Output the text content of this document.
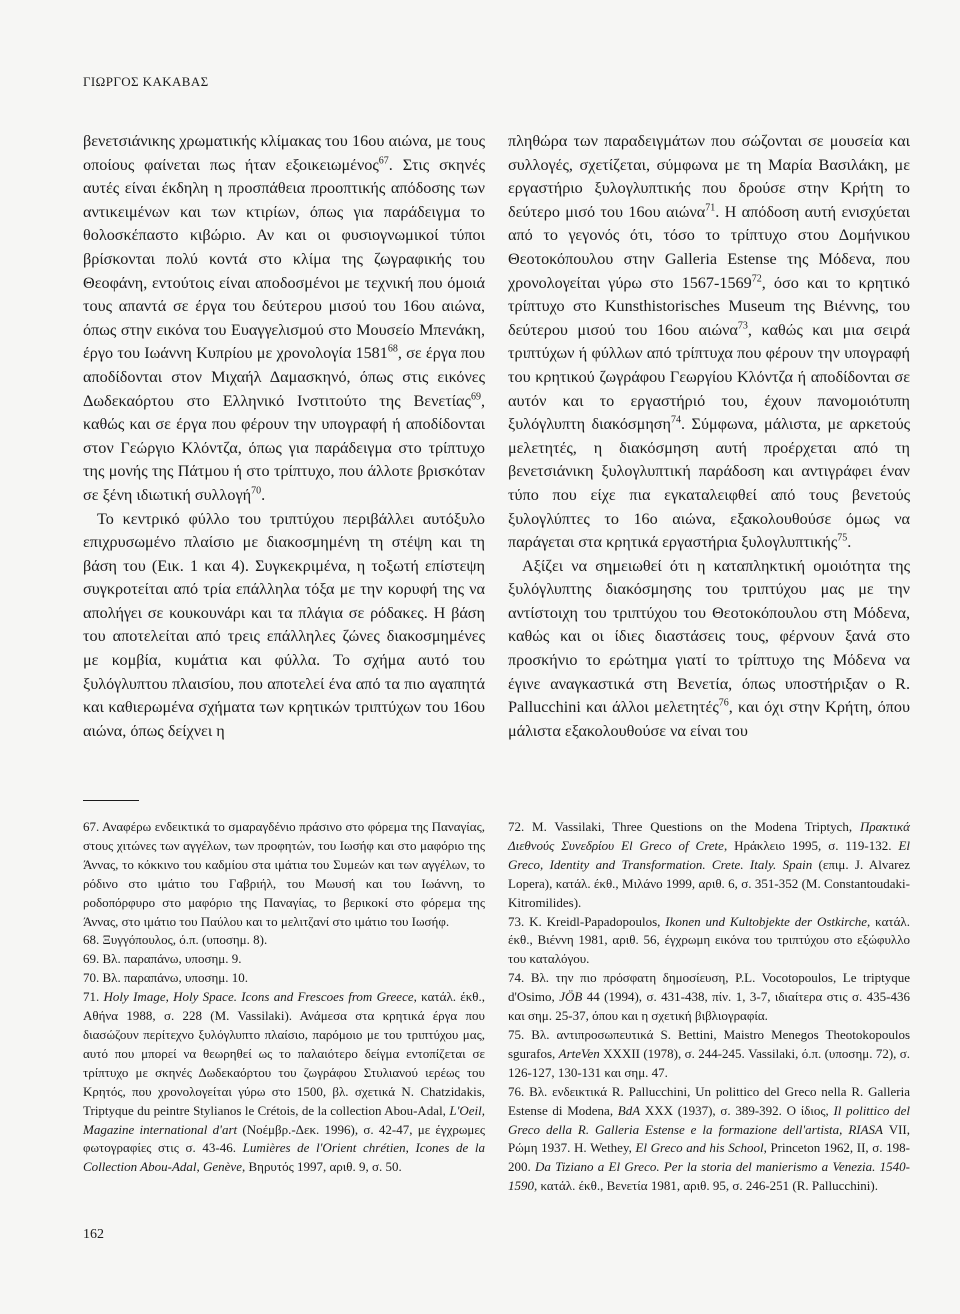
ΓΙΩΡΓΟΣ ΚΑΚΑΒΑΣ

βενετσιάνικης χρωματικής κλίμακας του 16ου αιώνα, με τους οποίους φαίνεται πως ήταν εξοικειωμένος$^{67}$. Στις σκηνές αυτές είναι έκδηλη η προσπάθεια προοπτικής απόδοσης των αντικειμένων και των κτιρίων, όπως για παράδειγμα το θολοσκέπαστο κιβώριο. Αν και οι φυσιογνωμικοί τύποι βρίσκονται πολύ κοντά στο κλίμα της ζωγραφικής του Θεοφάνη, εντούτοις είναι αποδοσμένοι με τεχνική που όμοιά τους απαντά σε έργα του δεύτερου μισού του 16ου αιώνα, όπως στην εικόνα του Ευαγγελισμού στο Μουσείο Μπενάκη, έργο του Ιωάννη Κυπρίου με χρονολογία 1581$^{68}$, σε έργα που αποδίδονται στον Μιχαήλ Δαμασκηνό, όπως στις εικόνες Δωδεκαόρτου στο Ελληνικό Ινστιτούτο της Βενετίας$^{69}$, καθώς και σε έργα που φέρουν την υπογραφή ή αποδίδονται στον Γεώργιο Κλόντζα, όπως για παράδειγμα στο τρίπτυχο της μονής της Πάτμου ή στο τρίπτυχο, που άλλοτε βρισκόταν σε ξένη ιδιωτική συλλογή$^{70}$.

Το κεντρικό φύλλο του τριπτύχου περιβάλλει αυτόξυλο επιχρυσωμένο πλαίσιο με διακοσμημένη τη στέψη και τη βάση του (Εικ. 1 και 4). Συγκεκριμένα, η τοξωτή επίστεψη συγκροτείται από τρία επάλληλα τόξα με την κορυφή της να απολήγει σε κουκουνάρι και τα πλάγια σε ρόδακες. Η βάση του αποτελείται από τρεις επάλληλες ζώνες διακοσμημένες με κομβία, κυμάτια και φύλλα. Το σχήμα αυτό του ξυλόγλυπτου πλαισίου, που αποτελεί ένα από τα πιο αγαπητά και καθιερωμένα σχήματα των κρητικών τριπτύχων του 16ου αιώνα, όπως δείχνει η

πληθώρα των παραδειγμάτων που σώζονται σε μουσεία και συλλογές, σχετίζεται, σύμφωνα με τη Μαρία Βασιλάκη, με εργαστήριο ξυλογλυπτικής που δρούσε στην Κρήτη το δεύτερο μισό του 16ου αιώνα$^{71}$. Η απόδοση αυτή ενισχύεται από το γεγονός ότι, τόσο το τρίπτυχο στου Δομήνικου Θεοτοκόπουλου στην Galleria Estense της Μόδενα, που χρονολογείται γύρω στο 1567-1569$^{72}$, όσο και το κρητικό τρίπτυχο στο Kunsthistorisches Museum της Βιέννης, του δεύτερου μισού του 16ου αιώνα$^{73}$, καθώς και μια σειρά τριπτύχων ή φύλλων από τρίπτυχα που φέρουν την υπογραφή του κρητικού ζωγράφου Γεωργίου Κλόντζα ή αποδίδονται σε αυτόν και το εργαστήριό του, έχουν πανομοιότυπη ξυλόγλυπτη διακόσμηση$^{74}$. Σύμφωνα, μάλιστα, με αρκετούς μελετητές, η διακόσμηση αυτή προέρχεται από τη βενετσιάνικη ξυλογλυπτική παράδοση και αντιγράφει έναν τύπο που είχε πια εγκαταλειφθεί από τους βενετούς ξυλογλύπτες το 16ο αιώνα, εξακολουθούσε όμως να παράγεται στα κρητικά εργαστήρια ξυλογλυπτικής$^{75}$.

Αξίζει να σημειωθεί ότι η καταπληκτική ομοιότητα της ξυλόγλυπτης διακόσμησης του τριπτύχου μας με την αντίστοιχη του τριπτύχου του Θεοτοκόπουλου στη Μόδενα, καθώς και οι ίδιες διαστάσεις τους, φέρνουν ξανά στο προσκήνιο το ερώτημα γιατί το τρίπτυχο της Μόδενα να έγινε αναγκαστικά στη Βενετία, όπως υποστήριξαν ο R. Pallucchini και άλλοι μελετητές$^{76}$, και όχι στην Κρήτη, όπου μάλιστα εξακολουθούσε να είναι του

67. Αναφέρω ενδεικτικά το σμαραγδένιο πράσινο στο φόρεμα της Παναγίας, στους χιτώνες των αγγέλων, των προφητών, του Ιωσήφ και στο μαφόριο της Άννας, το κόκκινο του καδμίου στα ιμάτια του Συμεών και των αγγέλων, το ρόδινο στο ιμάτιο του Γαβριήλ, του Μωυσή και του Ιωάννη, το ροδοπόρφυρο στο μαφόριο της Παναγίας, το βερικοκί στο φόρεμα της Άννας, στο ιμάτιο του Παύλου και το μελιτζανί στο ιμάτιο του Ιωσήφ.

68. Ξυγγόπουλος, ό.π. (υποσημ. 8).

69. Βλ. παραπάνω, υποσημ. 9.

70. Βλ. παραπάνω, υποσημ. 10.

71. Holy Image, Holy Space. Icons and Frescoes from Greece, κατάλ. έκθ., Αθήνα 1988, σ. 228 (M. Vassilaki). Ανάμεσα στα κρητικά έργα που διασώζουν περίτεχνο ξυλόγλυπτο πλαίσιο, παρόμοιο με του τριπτύχου μας, αυτό που μπορεί να θεωρηθεί ως το παλαιότερο δείγμα εντοπίζεται σε τρίπτυχο με σκηνές Δωδεκαόρτου του ζωγράφου Στυλιανού ιερέως του Κρητός, που χρονολογείται γύρω στο 1500, βλ. σχετικά N. Chatzidakis, Triptyque du peintre Stylianos le Crétois, de la collection Abou-Adal, L'Oeil, Magazine international d'art (Νοέμβρ.-Δεκ. 1996), σ. 42-47, με έγχρωμες φωτογραφίες στις σ. 43-46. Lumières de l'Orient chrétien, Icones de la Collection Abou-Adal, Genève, Βηρυτός 1997, αριθ. 9, σ. 50.

72. M. Vassilaki, Three Questions on the Modena Triptych, Πρακτικά Διεθνούς Συνεδρίου El Greco of Crete, Ηράκλειο 1995, σ. 119-132. El Greco, Identity and Transformation. Crete. Italy. Spain (επιμ. J. Alvarez Lopera), κατάλ. έκθ., Μιλάνο 1999, αριθ. 6, σ. 351-352 (M. Constantoudaki-Kitromilides).

73. K. Kreidl-Papadopoulos, Ikonen und Kultobjekte der Ostkirche, κατάλ. έκθ., Βιέννη 1981, αριθ. 56, έγχρωμη εικόνα του τριπτύχου στο εξώφυλλο του καταλόγου.

74. Βλ. την πιο πρόσφατη δημοσίευση, P.L. Vocotopoulos, Le triptyque d'Osimo, JÖB 44 (1994), σ. 431-438, πίν. 1, 3-7, ιδιαίτερα στις σ. 435-436 και σημ. 25-37, όπου και η σχετική βιβλιογραφία.

75. Βλ. αντιπροσωπευτικά S. Bettini, Maistro Menegos Theotokopoulos sgurafos, ArteVen XXXII (1978), σ. 244-245. Vassilaki, ό.π. (υποσημ. 72), σ. 126-127, 130-131 και σημ. 47.

76. Βλ. ενδεικτικά R. Pallucchini, Un polittico del Greco nella R. Galleria Estense di Modena, BdA XXX (1937), σ. 389-392. Ο ίδιος, Il polittico del Greco della R. Galleria Estense e la formazione dell'artista, RIASA VII, Ρώμη 1937. H. Wethey, El Greco and his School, Princeton 1962, II, σ. 198-200. Da Tiziano a El Greco. Per la storia del manierismo a Venezia. 1540-1590, κατάλ. έκθ., Βενετία 1981, αριθ. 95, σ. 246-251 (R. Pallucchini).

162
